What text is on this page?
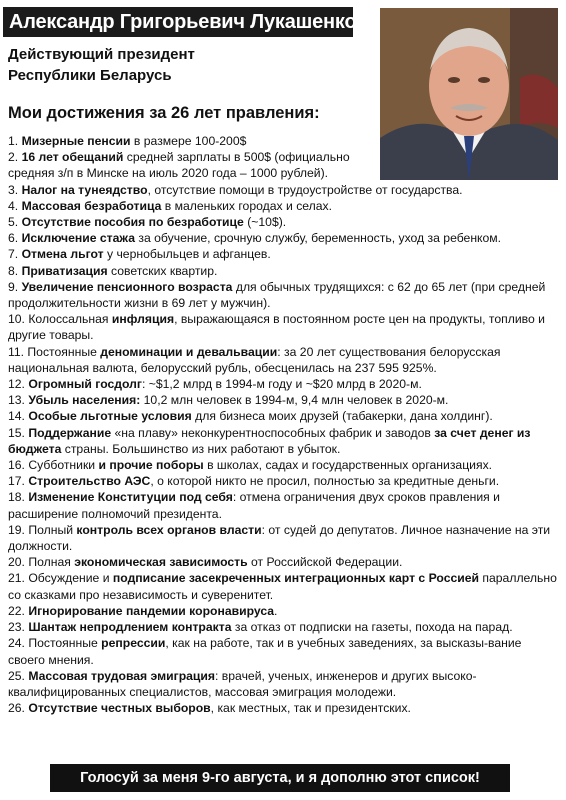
Александр Григорьевич Лукашенко
Действующий президент
Республики Беларусь
Мои достижения за 26 лет правления:
1. Мизерные пенсии в размере 100-200$
2. 16 лет обещаний средней зарплаты в 500$ (официально средняя з/п в Минске на июль 2020 года – 1000 рублей).
3. Налог на тунеядство, отсутствие помощи в трудоустройстве от государства.
4. Массовая безработица в маленьких городах и селах.
5. Отсутствие пособия по безработице (~10$).
6. Исключение стажа за обучение, срочную службу, беременность, уход за ребенком.
7. Отмена льгот у чернобыльцев и афганцев.
8. Приватизация советских квартир.
9. Увеличение пенсионного возраста для обычных трудящихся: с 62 до 65 лет (при средней продолжительности жизни в 69 лет у мужчин).
10. Колоссальная инфляция, выражающаяся в постоянном росте цен на продукты, топливо и другие товары.
11. Постоянные деноминации и девальвации: за 20 лет существования белорусская национальная валюта, белорусский рубль, обесценилась на 237 595 925%.
12. Огромный госдолг: ~$1,2 млрд в 1994-м году и ~$20 млрд в 2020-м.
13. Убыль населения: 10,2 млн человек в 1994-м, 9,4 млн человек в 2020-м.
14. Особые льготные условия для бизнеса моих друзей (табакерки, дана холдинг).
15. Поддержание «на плаву» неконкурентноспособных фабрик и заводов за счет денег из бюджета страны. Большинство из них работают в убыток.
16. Субботники и прочие поборы в школах, садах и государственных организациях.
17. Строительство АЭС, о которой никто не просил, полностью за кредитные деньги.
18. Изменение Конституции под себя: отмена ограничения двух сроков правления и расширение полномочий президента.
19. Полный контроль всех органов власти: от судей до депутатов. Личное назначение на эти должности.
20. Полная экономическая зависимость от Российской Федерации.
21. Обсуждение и подписание засекреченных интеграционных карт с Россией параллельно со сказками про независимость и суверенитет.
22. Игнорирование пандемии коронавируса.
23. Шантаж непродлением контракта за отказ от подписки на газеты, похода на парад.
24. Постоянные репрессии, как на работе, так и в учебных заведениях, за высказы-вание своего мнения.
25. Массовая трудовая эмиграция: врачей, ученых, инженеров и других высоко-квалифицированных специалистов, массовая эмиграция молодежи.
26. Отсутствие честных выборов, как местных, так и президентских.
Голосуй за меня 9-го августа, и я дополню этот список!
